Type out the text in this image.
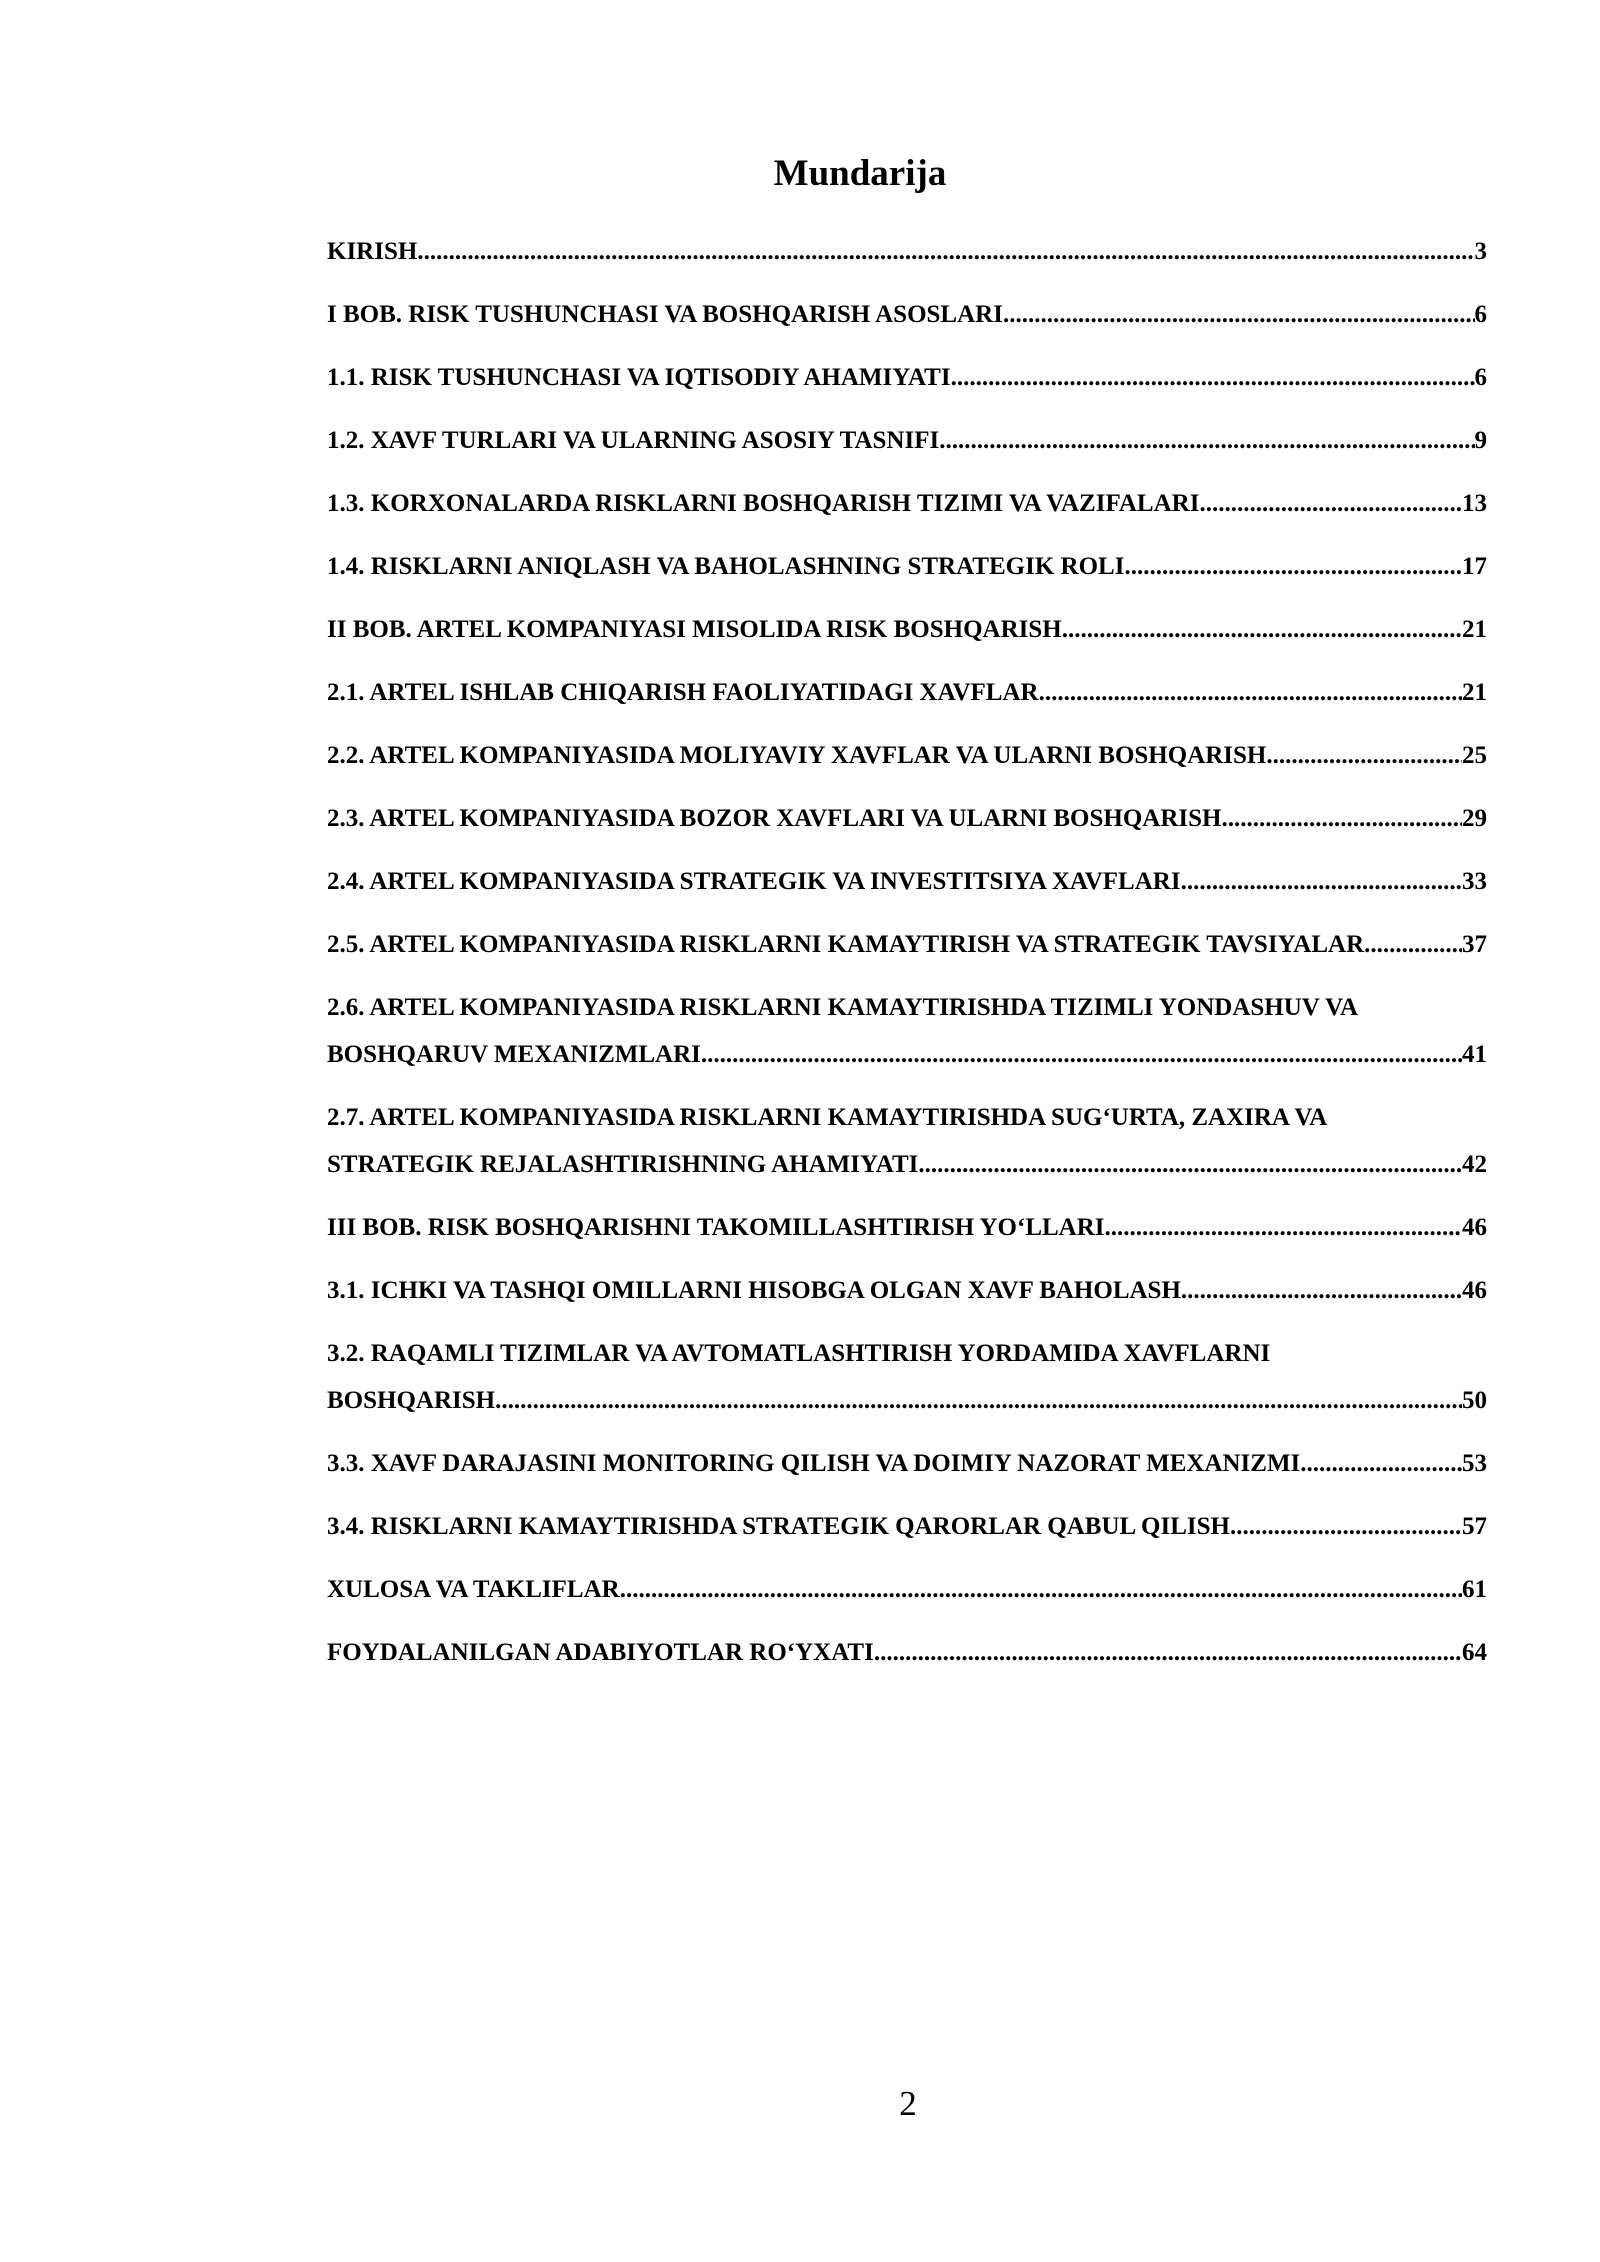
Mundarija
KIRISH .....	3
I BOB. RISK TUSHUNCHASI VA BOSHQARISH ASOSLARI .....	6
1.1. RISK TUSHUNCHASI VA IQTISODIY AHAMIYATI .....	6
1.2. XAVF TURLARI VA ULARNING ASOSIY TASNIFI .....	9
1.3. KORXONALARDA RISKLARNI BOSHQARISH TIZIMI VA VAZIFALARI .....	13
1.4. RISKLARNI ANIQLASH VA BAHOLASHNING STRATEGIK ROLI .....	17
II BOB. ARTEL KOMPANIYASI MISOLIDA RISK BOSHQARISH .....	21
2.1. ARTEL ISHLAB CHIQARISH FAOLIYATIDAGI XAVFLAR .....	21
2.2. ARTEL KOMPANIYASIDA MOLIYAVIY XAVFLAR VA ULARNI BOSHQARISH .....	25
2.3. ARTEL KOMPANIYASIDA BOZOR XAVFLARI VA ULARNI BOSHQARISH .....	29
2.4. ARTEL KOMPANIYASIDA STRATEGIK VA INVESTITSIYA XAVFLARI .....	33
2.5. ARTEL KOMPANIYASIDA RISKLARNI KAMAYTIRISH VA STRATEGIK TAVSIYALAR. .....	37
2.6. ARTEL KOMPANIYASIDA RISKLARNI KAMAYTIRISHDA TIZIMLI YONDASHUV VA
BOSHQARUV MEXANIZMLARI .....	41
2.7. ARTEL KOMPANIYASIDA RISKLARNI KAMAYTIRISHDA SUG‘URTA, ZAXIRA VA
STRATEGIK REJALASHTIRISHNING AHAMIYATI .....	42
III BOB. RISK BOSHQARISHNI TAKOMILLASHTIRISH YO‘LLARI .....	46
3.1. ICHKI VA TASHQI OMILLARNI HISOBGA OLGAN XAVF BAHOLASH .....	46
3.2. RAQAMLI TIZIMLAR VA AVTOMATLASHTIRISH YORDAMIDA XAVFLARNI
BOSHQARISH .....	50
3.3. XAVF DARAJASINI MONITORING QILISH VA DOIMIY NAZORAT MEXANIZMI .....	53
3.4. RISKLARNI KAMAYTIRISHDA STRATEGIK QARORLAR QABUL QILISH .....	57
XULOSA VA TAKLIFLAR .....	61
FOYDALANILGAN ADABIYOTLAR RO‘YXATI .....	64
2
